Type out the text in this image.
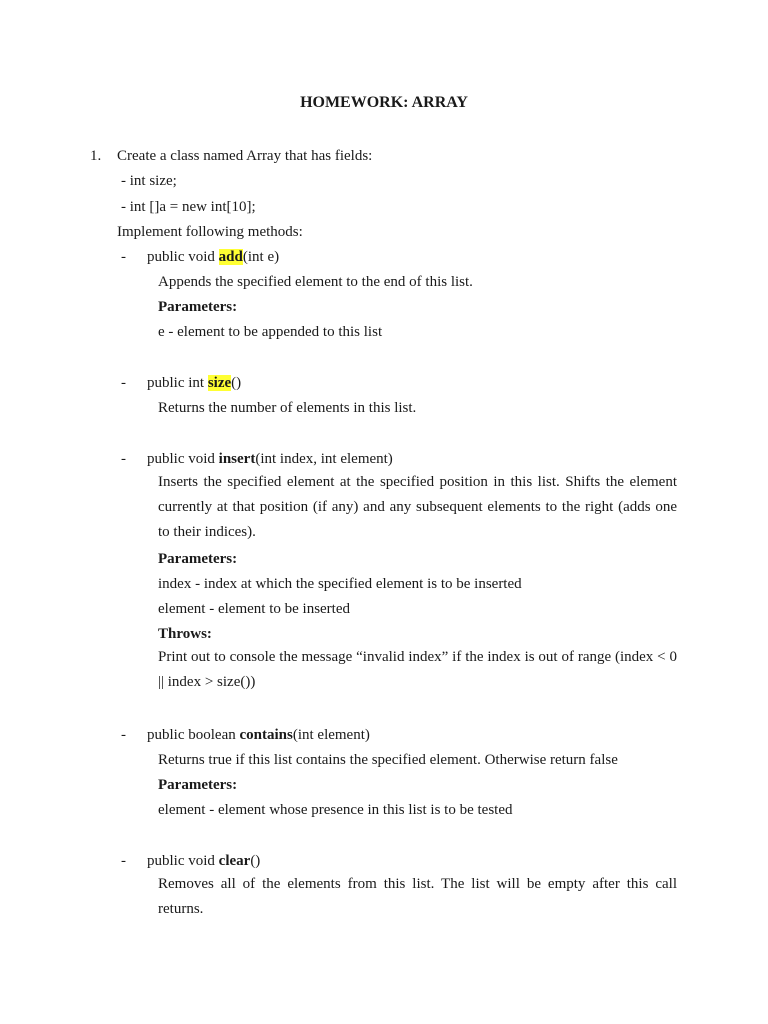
HOMEWORK: ARRAY
1. Create a class named Array that has fields:
- int size;
- int []a = new int[10];
Implement following methods:
- public void add(int e)
Appends the specified element to the end of this list.
Parameters:
e - element to be appended to this list
- public int size()
Returns the number of elements in this list.
- public void insert(int index, int element)
Inserts the specified element at the specified position in this list. Shifts the element currently at that position (if any) and any subsequent elements to the right (adds one to their indices).
Parameters:
index - index at which the specified element is to be inserted
element - element to be inserted
Throws:
Print out to console the message “invalid index” if the index is out of range (index < 0 || index > size())
- public boolean contains(int element)
Returns true if this list contains the specified element. Otherwise return false
Parameters:
element - element whose presence in this list is to be tested
- public void clear()
Removes all of the elements from this list. The list will be empty after this call returns.
